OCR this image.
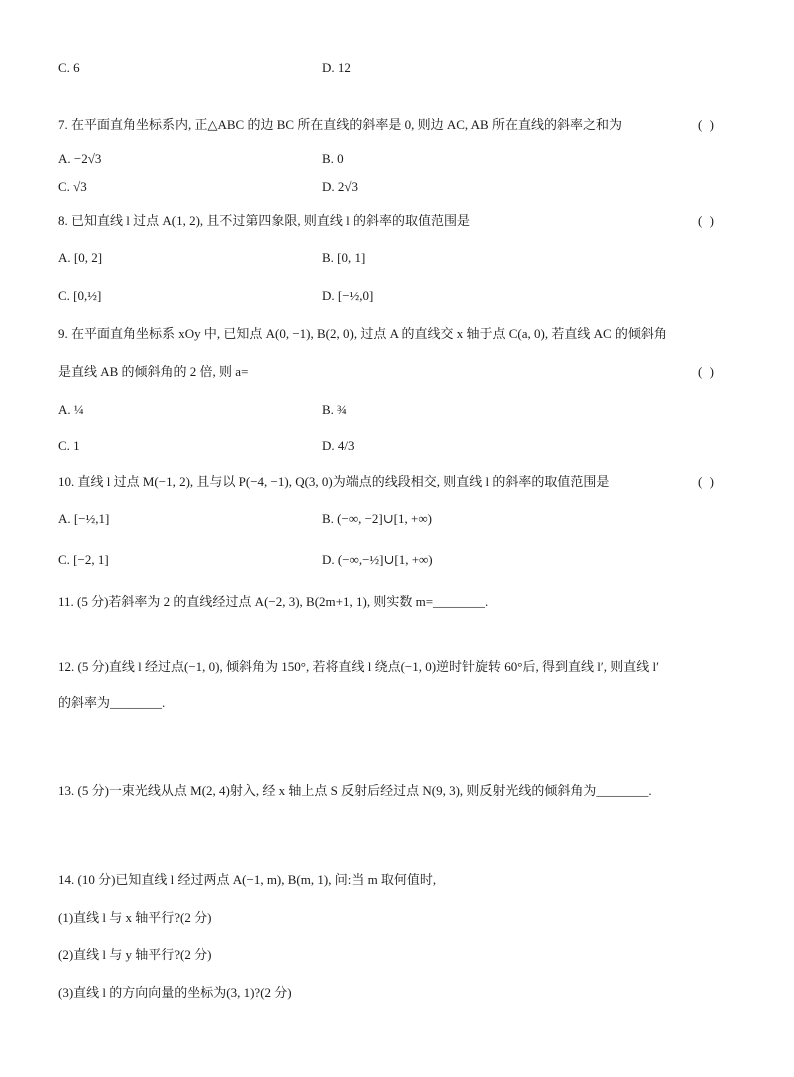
C. 6	D. 12
7. 在平面直角坐标系内, 正△ABC 的边 BC 所在直线的斜率是 0, 则边 AC, AB 所在直线的斜率之和为	( )
A. −2√3	B. 0
C. √3	D. 2√3
8. 已知直线 l 过点 A(1, 2), 且不过第四象限, 则直线 l 的斜率的取值范围是	( )
A. [0, 2]	B. [0, 1]
C. [0,½]	D. [−½,0]
9. 在平面直角坐标系 xOy 中, 已知点 A(0, −1), B(2, 0), 过点 A 的直线交 x 轴于点 C(a, 0), 若直线 AC 的倾斜角
是直线 AB 的倾斜角的 2 倍, 则 a=	( )
A. ¼	B. ¾
C. 1	D. 4/3
10. 直线 l 过点 M(−1, 2), 且与以 P(−4, −1), Q(3, 0)为端点的线段相交, 则直线 l 的斜率的取值范围是	( )
A. [−½,1]	B. (−∞, −2]∪[1, +∞)
C. [−2, 1]	D. (−∞,−½]∪[1, +∞)
11. (5 分)若斜率为 2 的直线经过点 A(−2, 3), B(2m+1, 1), 则实数 m=________.
12. (5 分)直线 l 经过点(−1, 0), 倾斜角为 150°, 若将直线 l 绕点(−1, 0)逆时针旋转 60°后, 得到直线 l′, 则直线 l′
的斜率为________.
13. (5 分)一束光线从点 M(2, 4)射入, 经 x 轴上点 S 反射后经过点 N(9, 3), 则反射光线的倾斜角为________.
14. (10 分)已知直线 l 经过两点 A(−1, m), B(m, 1), 问:当 m 取何值时,
(1)直线 l 与 x 轴平行?(2 分)
(2)直线 l 与 y 轴平行?(2 分)
(3)直线 l 的方向向量的坐标为(3, 1)?(2 分)
